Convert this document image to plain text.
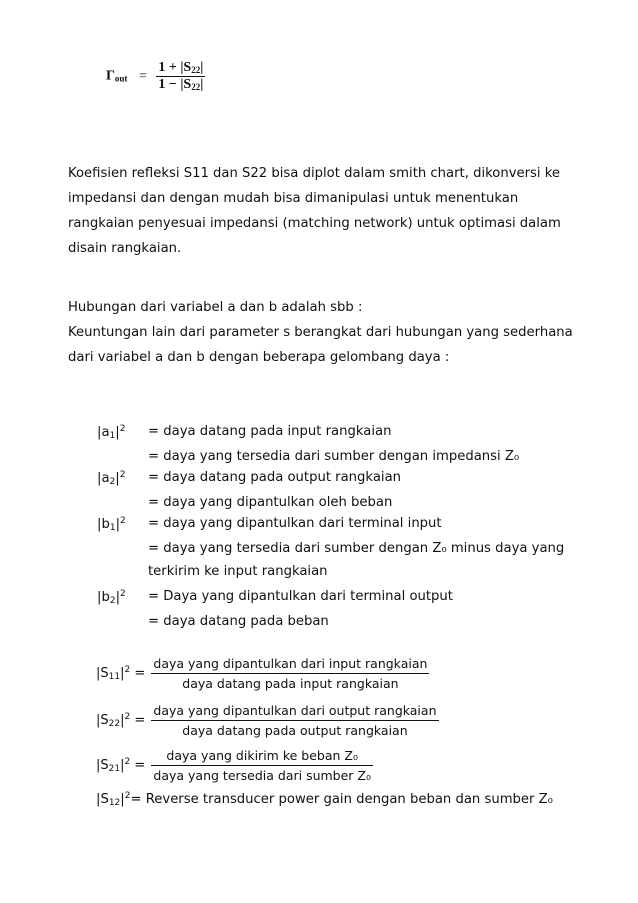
$\Gamma_{out} = \frac{1 + |S_{22}|}{1 - |S_{22}|}$

Koefisien refleksi S11 dan S22 bisa diplot dalam smith chart, dikonversi ke impedansi dan dengan mudah bisa dimanipulasi untuk menentukan rangkaian penyesuai impedansi (matching network) untuk optimasi dalam disain rangkaian.

Hubungan dari variabel a dan b adalah sbb :

Keuntungan lain dari parameter s berangkat dari hubungan yang sederhana dari variabel a dan b dengan beberapa gelombang daya :

$|a_1|^2$ = daya datang pada input rangkaian
= daya yang tersedia dari sumber dengan impedansi Z₀
$|a_2|^2$ = daya datang pada output rangkaian
= daya yang dipantulkan oleh beban
$|b_1|^2$ = daya yang dipantulkan dari terminal input
= daya yang tersedia dari sumber dengan Z₀ minus daya yang
terkirim ke input rangkaian
$|b_2|^2$ = Daya yang dipantulkan dari terminal output
= daya datang pada beban
$|S_{11}|^2 = \frac{\text{daya yang dipantulkan dari input rangkaian}}{\text{daya datang pada input rangkaian}}$
$|S_{22}|^2 = \frac{\text{daya yang dipantulkan dari output rangkaian}}{\text{daya datang pada output rangkaian}}$
$|S_{21}|^2 = \frac{\text{daya yang dikirim ke beban Z₀}}{\text{daya yang tersedia dari sumber Z₀}}$
$|S_{12}|^2=$ Reverse transducer power gain dengan beban dan sumber Z₀
